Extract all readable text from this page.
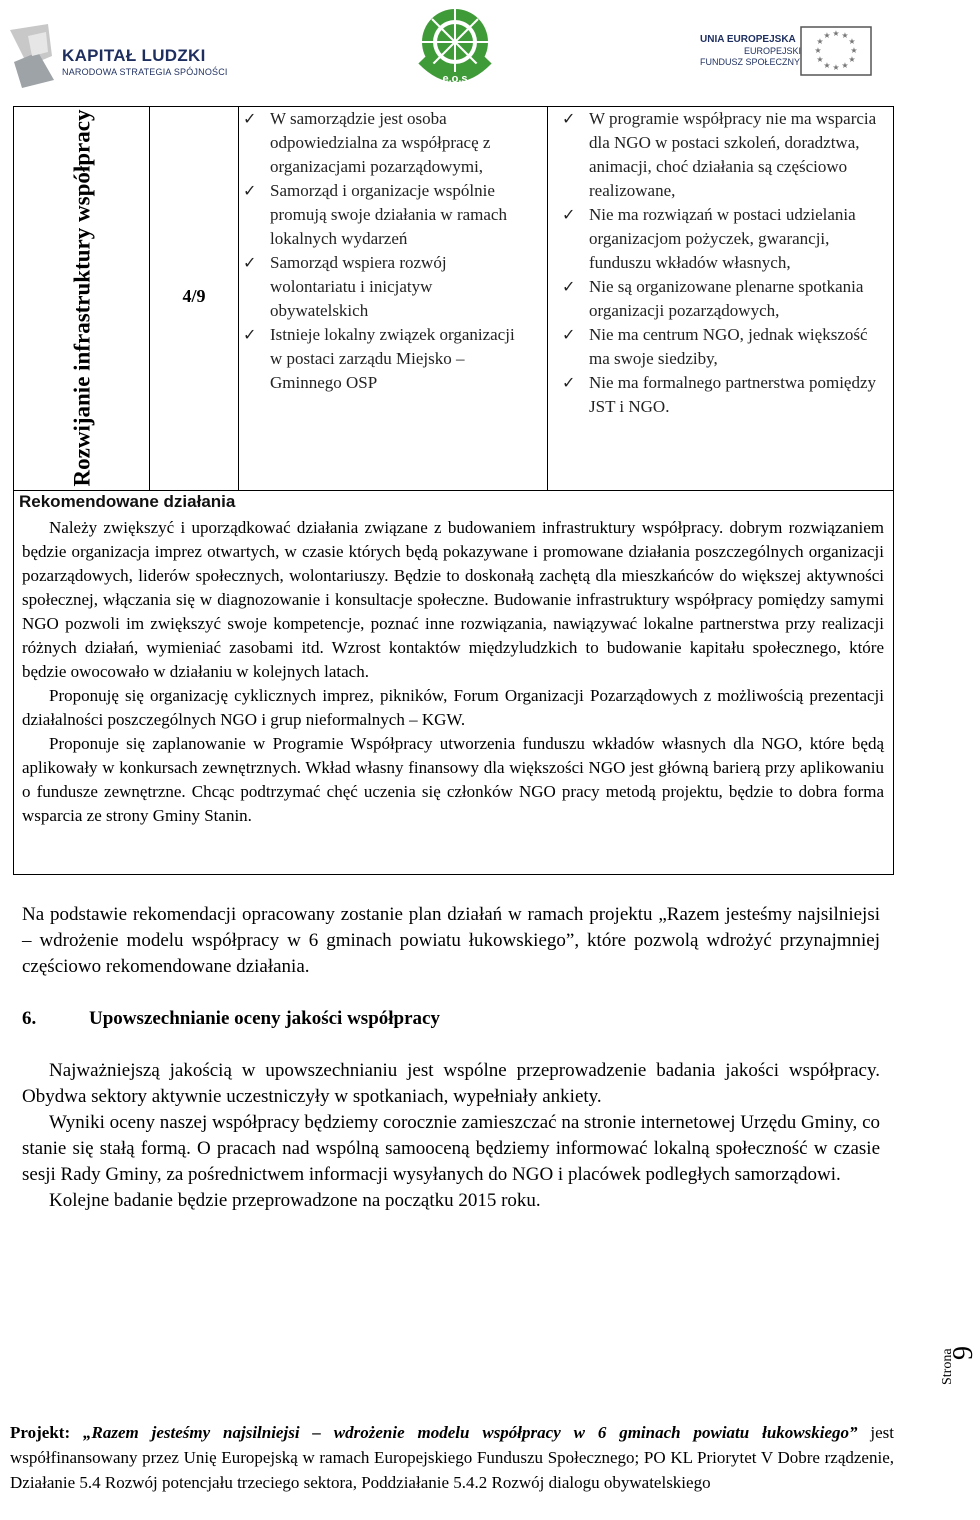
KAPITAŁ LUDZKI
NARODOWA STRATEGIA SPÓJNOŚCI
e.o.s
UNIA EUROPEJSKA
EUROPEJSKI
FUNDUSZ SPOŁECZNY
★ ★
★
★
★
★
★
★
★
★
★
★
Rozwijanie infrastruktury współpracy	4/9
✓ W samorządzie jest osoba odpowiedzialna za współpracę z organizacjami pozarządowymi,
✓ Samorząd i organizacje wspólnie promują swoje działania w ramach lokalnych wydarzeń
✓ Samorząd wspiera rozwój wolontariatu i inicjatyw obywatelskich
✓ Istnieje lokalny związek organizacji w postaci zarządu Miejsko – Gminnego OSP
✓ W programie współpracy nie ma wsparcia dla NGO w postaci szkoleń, doradztwa, animacji, choć działania są częściowo realizowane,
✓ Nie ma rozwiązań w postaci udzielania organizacjom pożyczek, gwarancji, funduszu wkładów własnych,
✓ Nie są organizowane plenarne spotkania organizacji pozarządowych,
✓ Nie ma centrum NGO, jednak większość ma swoje siedziby,
✓ Nie ma formalnego partnerstwa pomiędzy JST i NGO.
Rekomendowane działania

Należy zwiększyć i uporządkować działania związane z budowaniem infrastruktury współpracy. dobrym rozwiązaniem będzie organizacja imprez otwartych, w czasie których będą pokazywane i promowane działania poszczególnych organizacji pozarządowych, liderów społecznych, wolontariuszy. Będzie to doskonałą zachętą dla mieszkańców do większej aktywności społecznej, włączania się w diagnozowanie i konsultacje społeczne. Budowanie infrastruktury współpracy pomiędzy samymi NGO pozwoli im zwiększyć swoje kompetencje, poznać inne rozwiązania, nawiązywać lokalne partnerstwa przy realizacji różnych działań, wymieniać zasobami itd. Wzrost kontaktów międzyludzkich to budowanie kapitału społecznego, które będzie owocowało w działaniu w kolejnych latach.

Proponuję się organizację cyklicznych imprez, pikników, Forum Organizacji Pozarządowych z możliwością prezentacji działalności poszczególnych NGO i grup nieformalnych – KGW.

Proponuje się zaplanowanie w Programie Współpracy utworzenia funduszu wkładów własnych dla NGO, które będą aplikowały w konkursach zewnętrznych. Wkład własny finansowy dla większości NGO jest główną barierą przy aplikowaniu o fundusze zewnętrzne. Chcąc podtrzymać chęć uczenia się członków NGO pracy metodą projektu, będzie to dobra forma wsparcia ze strony Gminy Stanin.

Na podstawie rekomendacji opracowany zostanie plan działań w ramach projektu „Razem jesteśmy najsilniejsi – wdrożenie modelu współpracy w 6 gminach powiatu łukowskiego”, które pozwolą wdrożyć przynajmniej częściowo rekomendowane działania.
6.	Upowszechnianie oceny jakości współpracy

Najważniejszą jakością w upowszechnianiu jest wspólne przeprowadzenie badania jakości współpracy. Obydwa sektory aktywnie uczestniczyły w spotkaniach, wypełniały ankiety.

Wyniki oceny naszej współpracy będziemy corocznie zamieszczać na stronie internetowej Urzędu Gminy, co stanie się stałą formą. O pracach nad wspólną samooceną będziemy informować lokalną społeczność w czasie sesji Rady Gminy, za pośrednictwem informacji wysyłanych do NGO i placówek podległych samorządowi.

Kolejne badanie będzie przeprowadzone na początku 2015 roku.

Strona
9
Projekt: „Razem jesteśmy najsilniejsi – wdrożenie modelu współpracy w 6 gminach powiatu łukowskiego” jest współfinansowany przez Unię Europejską w ramach Europejskiego Funduszu Społecznego; PO KL Priorytet V Dobre rządzenie, Działanie 5.4 Rozwój potencjału trzeciego sektora, Poddziałanie 5.4.2 Rozwój dialogu obywatelskiego
